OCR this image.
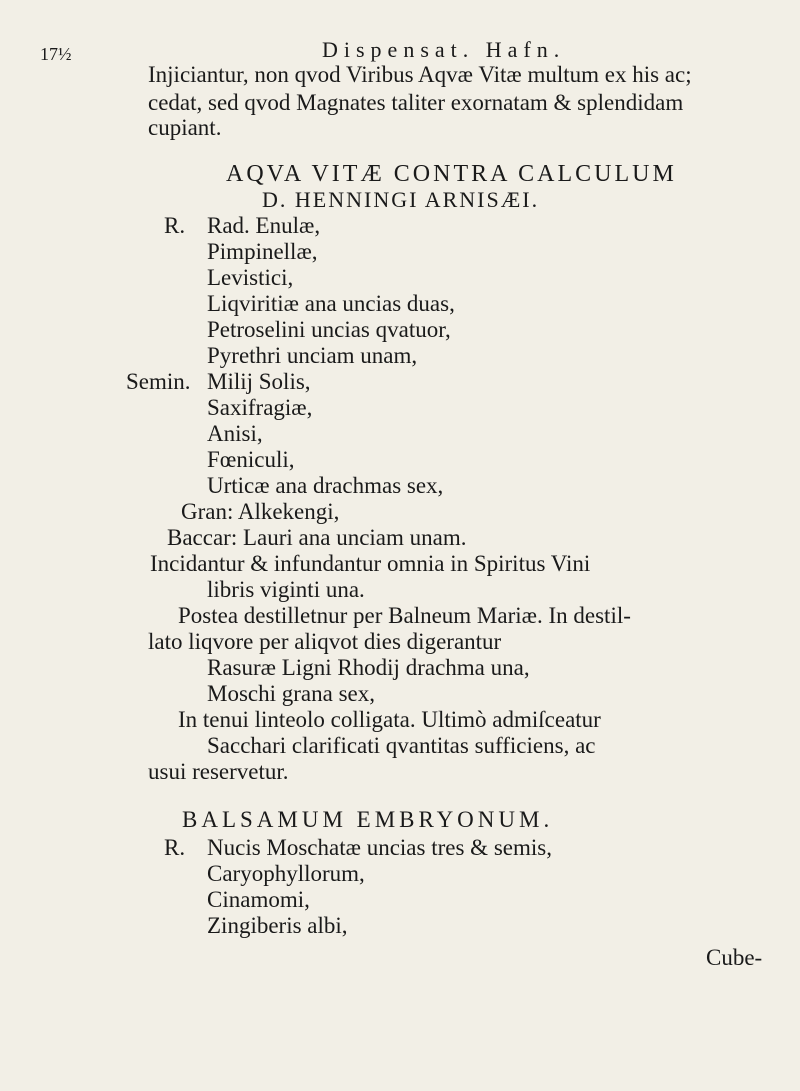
17½	Dispensat. Hafn.
Injiciantur, non qvod Viribus Aqvæ Vitæ multum ex his ac;
cedat, sed qvod Magnates taliter exornatam & splendidam
cupiant.
AQVA VITÆ CONTRA CALCULUM
D. HENNINGI ARNISÆI.
R. Rad. Enulæ,
Pimpinellæ,
Levistici,
Liqviritiæ ana uncias duas,
Petroselini uncias qvatuor,
Pyrethri unciam unam,
Semin. Milij Solis,
Saxifragiæ,
Anisi,
Fœniculi,
Urticæ ana drachmas sex,
Gran: Alkekengi,
Baccar: Lauri ana unciam unam.
Incidantur & infundantur omnia in Spiritus Vini
libris viginti una.
Postea destilletnur per Balneum Mariæ. In destil-
lato liqvore per aliqvot dies digerantur
Rasuræ Ligni Rhodij drachma una,
Moschi grana sex,
In tenui linteolo colligata. Ultimò admiſceatur
Sacchari clarificati qvantitas sufficiens, ac
usui reservetur.
BALSAMUM EMBRYONUM.
R. Nucis Moschatæ uncias tres & semis,
Caryophyllorum,
Cinamomi,
Zingiberis albi,
Cube-
